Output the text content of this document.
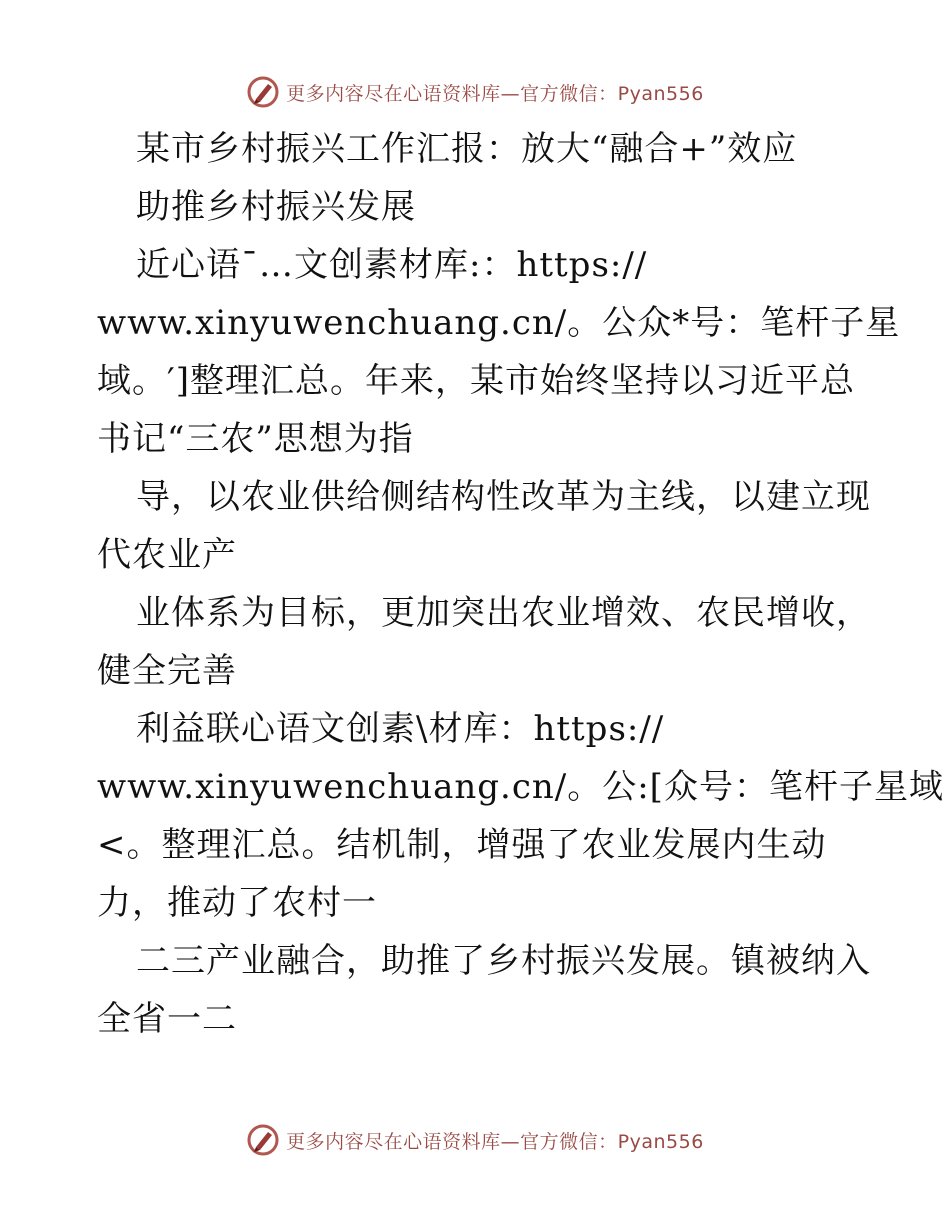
更多内容尽在心语资料库—官方微信：Pyan556
某市乡村振兴工作汇报：放大“融合+”效应
助推乡村振兴发展
近心语¯…文创素材库:：https://
www.xinyuwenchuang.cn/。公众*号：笔杆子星
域。′]整理汇总。年来，某市始终坚持以习近平总
书记“三农”思想为指
导，以农业供给侧结构性改革为主线，以建立现
代农业产
业体系为目标，更加突出农业增效、农民增收，
健全完善
利益联心语文创素\材库：https://
www.xinyuwenchuang.cn/。公:[众号：笔杆子星域
<。整理汇总。结机制，增强了农业发展内生动
力，推动了农村一
二三产业融合，助推了乡村振兴发展。镇被纳入
全省一二
更多内容尽在心语资料库—官方微信：Pyan556
